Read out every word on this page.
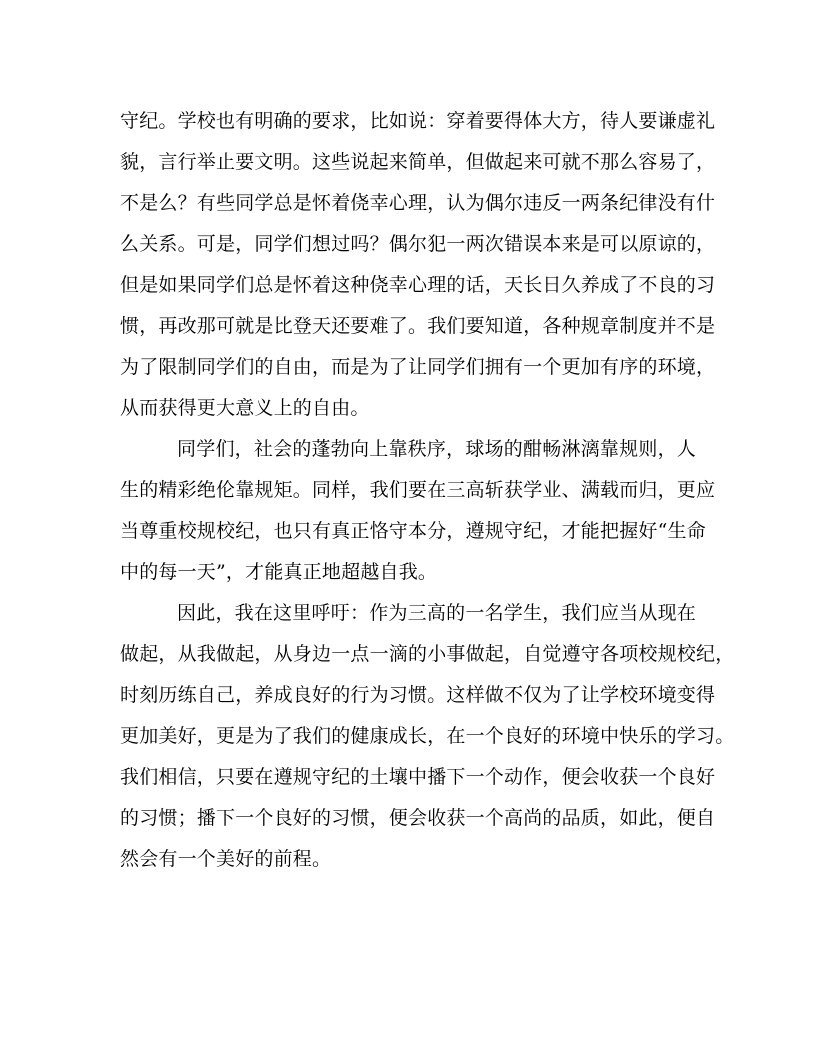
守纪。学校也有明确的要求，比如说：穿着要得体大方，待人要谦虚礼
貌，言行举止要文明。这些说起来简单，但做起来可就不那么容易了，
不是么？有些同学总是怀着侥幸心理，认为偶尔违反一两条纪律没有什
么关系。可是，同学们想过吗？偶尔犯一两次错误本来是可以原谅的，
但是如果同学们总是怀着这种侥幸心理的话，天长日久养成了不良的习
惯，再改那可就是比登天还要难了。我们要知道，各种规章制度并不是
为了限制同学们的自由，而是为了让同学们拥有一个更加有序的环境，
从而获得更大意义上的自由。
同学们，社会的蓬勃向上靠秩序，球场的酣畅淋漓靠规则，人
生的精彩绝伦靠规矩。同样，我们要在三高斩获学业、满载而归，更应
当尊重校规校纪，也只有真正恪守本分，遵规守纪，才能把握好“生命
中的每一天”，才能真正地超越自我。
因此，我在这里呼吁：作为三高的一名学生，我们应当从现在
做起，从我做起，从身边一点一滴的小事做起，自觉遵守各项校规校纪，
时刻历练自己，养成良好的行为习惯。这样做不仅为了让学校环境变得
更加美好，更是为了我们的健康成长，在一个良好的环境中快乐的学习。
我们相信，只要在遵规守纪的土壤中播下一个动作，便会收获一个良好
的习惯；播下一个良好的习惯，便会收获一个高尚的品质，如此，便自
然会有一个美好的前程。
